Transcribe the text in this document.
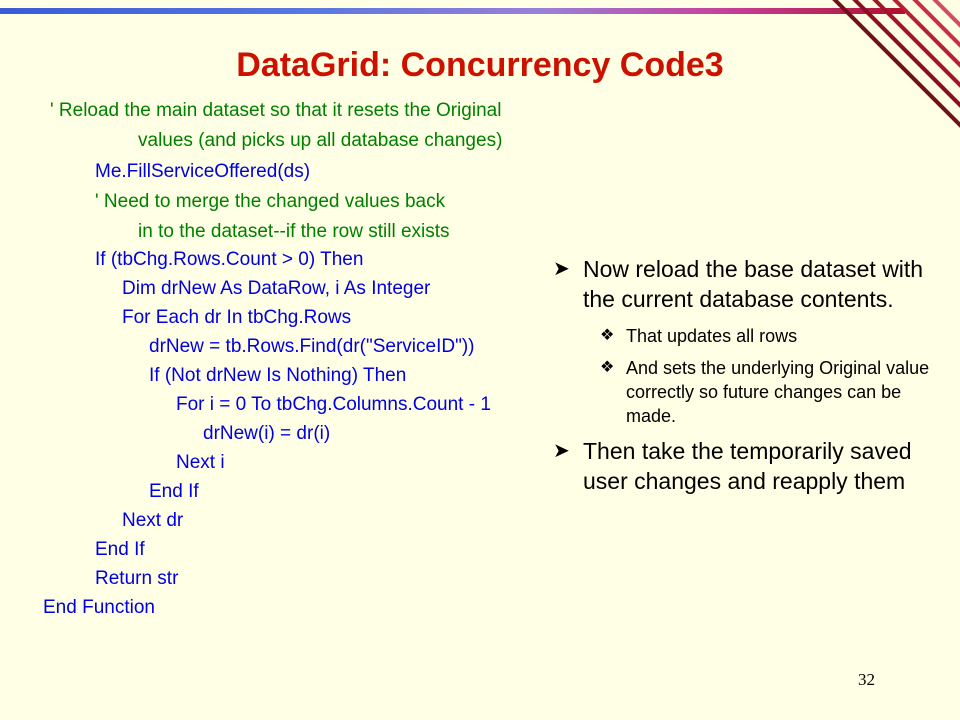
DataGrid: Concurrency Code3
' Reload the main dataset so that it resets the Original
values (and picks up all database changes)
Me.FillServiceOffered(ds)
' Need to merge the changed values back
in to the dataset--if the row still exists
If (tbChg.Rows.Count > 0) Then
Dim drNew As DataRow, i As Integer
For Each dr In tbChg.Rows
drNew = tb.Rows.Find(dr("ServiceID"))
If (Not drNew Is Nothing) Then
For i = 0 To tbChg.Columns.Count - 1
drNew(i) = dr(i)
Next i
End If
Next dr
End If
Return str
End Function
➤ Now reload the base dataset with the current database contents.
❖ That updates all rows
❖ And sets the underlying Original value correctly so future changes can be made.
➤ Then take the temporarily saved user changes and reapply them
32
